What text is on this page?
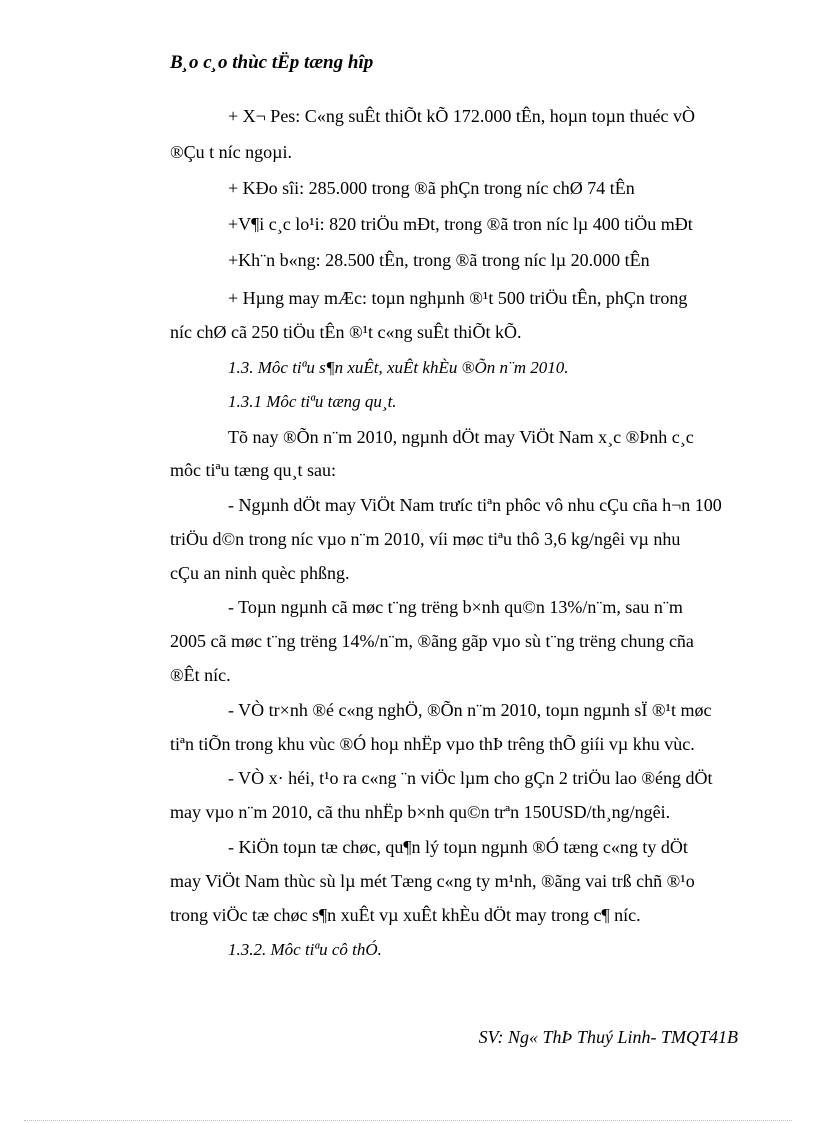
B¸o c¸o thùc tËp tæng hîp
+ X¬ Pes: C«ng suÊt thiÕt kÕ 172.000 tÊn, hoµn toµn thuéc vÒ
®Çu t níc ngoµi.
+ KÐo sîi: 285.000 trong ®ã phÇn trong níc chØ 74 tÊn
+V¶i c¸c lo¹i: 820 triÖu mÐt, trong ®ã tron níc lµ 400 tiÖu mÐt
+Kh¨n b«ng: 28.500 tÊn, trong ®ã trong níc lµ 20.000 tÊn
+ Hµng may mÆc: toµn nghµnh ®¹t 500 triÖu tÊn, phÇn trong
níc chØ cã 250 tiÖu tÊn ®¹t c«ng suÊt thiÕt kÕ.
1.3. Môc tiªu s¶n xuÊt, xuÊt khÈu ®Õn n¨m 2010.
1.3.1 Môc tiªu tæng qu¸t.
Tõ nay ®Õn n¨m 2010, ngµnh dÖt may ViÖt Nam x¸c ®Þnh c¸c
môc tiªu tæng qu¸t sau:
- Ngµnh dÖt may ViÖt Nam trưíc tiªn phôc vô nhu cÇu cña h¬n 100
triÖu d©n trong níc vµo n¨m 2010, víi møc tiªu thô 3,6 kg/ngêi vµ nhu
cÇu an ninh quèc phßng.
- Toµn ngµnh cã møc t¨ng trëng b×nh qu©n 13%/n¨m, sau n¨m
2005 cã møc t¨ng trëng 14%/n¨m, ®ãng gãp vµo sù t¨ng trëng chung cña
®Êt níc.
- VÒ tr×nh ®é c«ng nghÖ, ®Õn n¨m 2010, toµn ngµnh sÏ ®¹t møc
tiªn tiÕn trong khu vùc ®Ó hoµ nhËp vµo thÞ trêng thÕ giíi vµ khu vùc.
- VÒ x· héi, t¹o ra c«ng ¨n viÖc lµm cho gÇn 2 triÖu lao ®éng dÖt
may vµo n¨m 2010, cã thu nhËp b×nh qu©n trªn 150USD/th¸ng/ngêi.
- KiÖn toµn tæ chøc, qu¶n lý toµn ngµnh ®Ó tæng c«ng ty dÖt
may ViÖt Nam thùc sù lµ mét Tæng c«ng ty m¹nh, ®ãng vai trß chñ ®¹o
trong viÖc tæ chøc s¶n xuÊt vµ xuÊt khÈu dÖt may trong c¶ níc.
1.3.2. Môc tiªu cô thÓ.
SV: Ng« ThÞ Thuý Linh- TMQT41B
